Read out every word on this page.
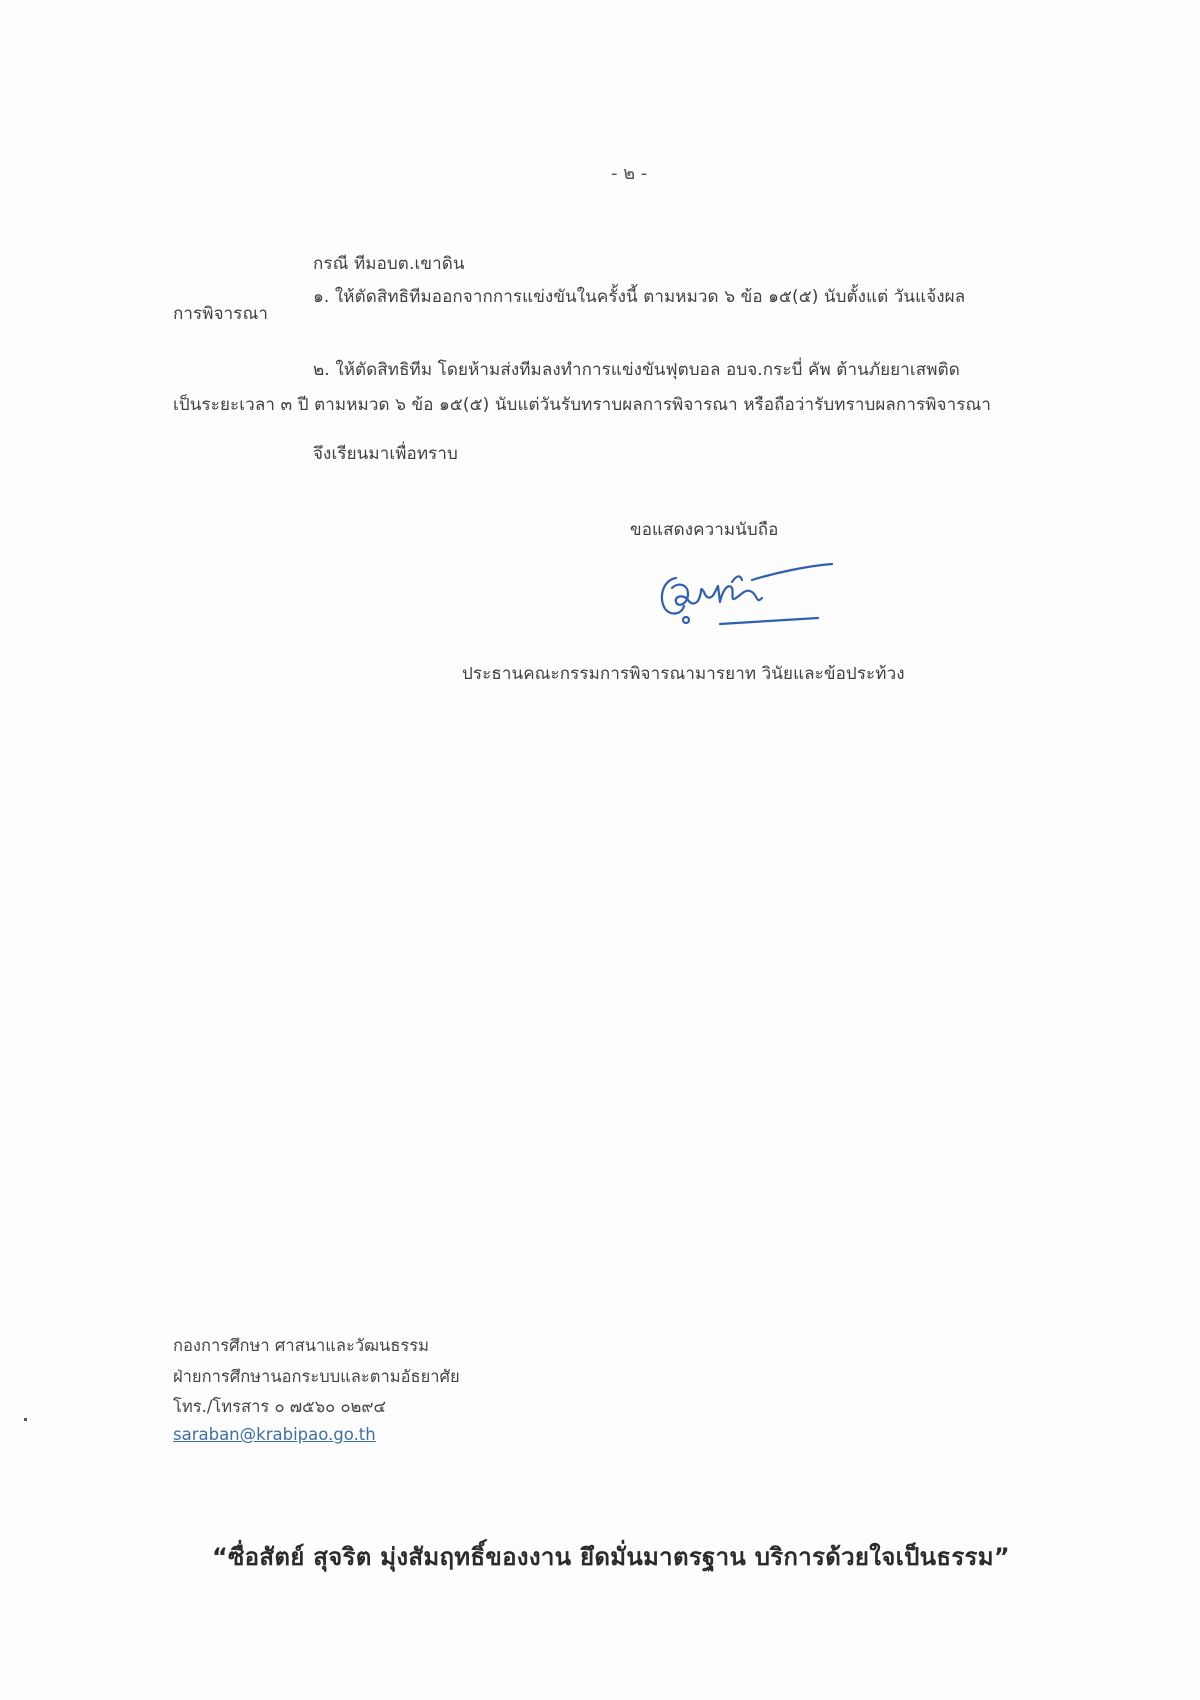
- ๒ -
กรณี ทีมอบต.เขาดิน
๑. ให้ตัดสิทธิทีมออกจากการแข่งขันในครั้งนี้ ตามหมวด ๖ ข้อ ๑๕(๕) นับตั้งแต่ วันแจ้งผล
การพิจารณา
๒. ให้ตัดสิทธิทีม โดยห้ามส่งทีมลงทำการแข่งขันฟุตบอล อบจ.กระบี่ คัพ ต้านภัยยาเสพติด
เป็นระยะเวลา ๓ ปี ตามหมวด ๖ ข้อ ๑๕(๕) นับแต่วันรับทราบผลการพิจารณา หรือถือว่ารับทราบผลการพิจารณา
จึงเรียนมาเพื่อทราบ
ขอแสดงความนับถือ
ประธานคณะกรรมการพิจารณามารยาท วินัยและข้อประท้วง
กองการศึกษา ศาสนาและวัฒนธรรม
ฝ่ายการศึกษานอกระบบและตามอัธยาศัย
โทร./โทรสาร ๐ ๗๕๖๐ ๐๒๙๔
saraban@krabipao.go.th
“ซื่อสัตย์ สุจริต มุ่งสัมฤทธิ์ของงาน ยึดมั่นมาตรฐาน บริการด้วยใจเป็นธรรม”
